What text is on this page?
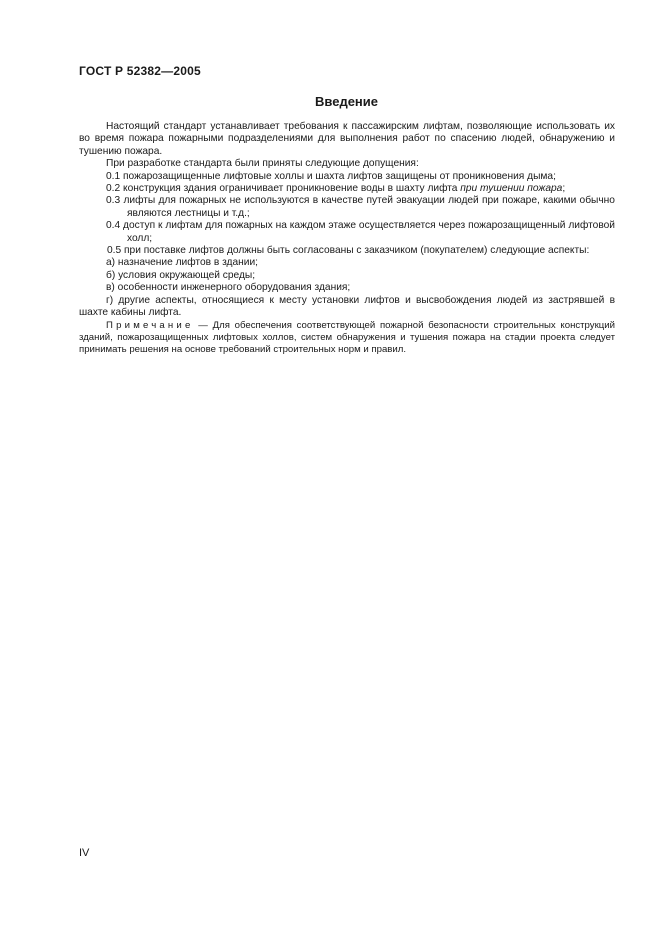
ГОСТ Р 52382—2005
Введение

Настоящий стандарт устанавливает требования к пассажирским лифтам, позволяющие использовать их во время пожара пожарными подразделениями для выполнения работ по спасению людей, обнаружению и тушению пожара.

При разработке стандарта были приняты следующие допущения:

0.1 пожарозащищенные лифтовые холлы и шахта лифтов защищены от проникновения дыма;

0.2 конструкция здания ограничивает проникновение воды в шахту лифта при тушении пожара;

0.3 лифты для пожарных не используются в качестве путей эвакуации людей при пожаре, какими обычно являются лестницы и т.д.;

0.4 доступ к лифтам для пожарных на каждом этаже осуществляется через пожарозащищенный лифтовой холл;

0.5 при поставке лифтов должны быть согласованы с заказчиком (покупателем) следующие аспекты:

а) назначение лифтов в здании;

б) условия окружающей среды;

в) особенности инженерного оборудования здания;

г) другие аспекты, относящиеся к месту установки лифтов и высвобождения людей из застрявшей в шахте кабины лифта.

Примечание — Для обеспечения соответствующей пожарной безопасности строительных конструкций зданий, пожарозащищенных лифтовых холлов, систем обнаружения и тушения пожара на стадии проекта следует принимать решения на основе требований строительных норм и правил.

IV
